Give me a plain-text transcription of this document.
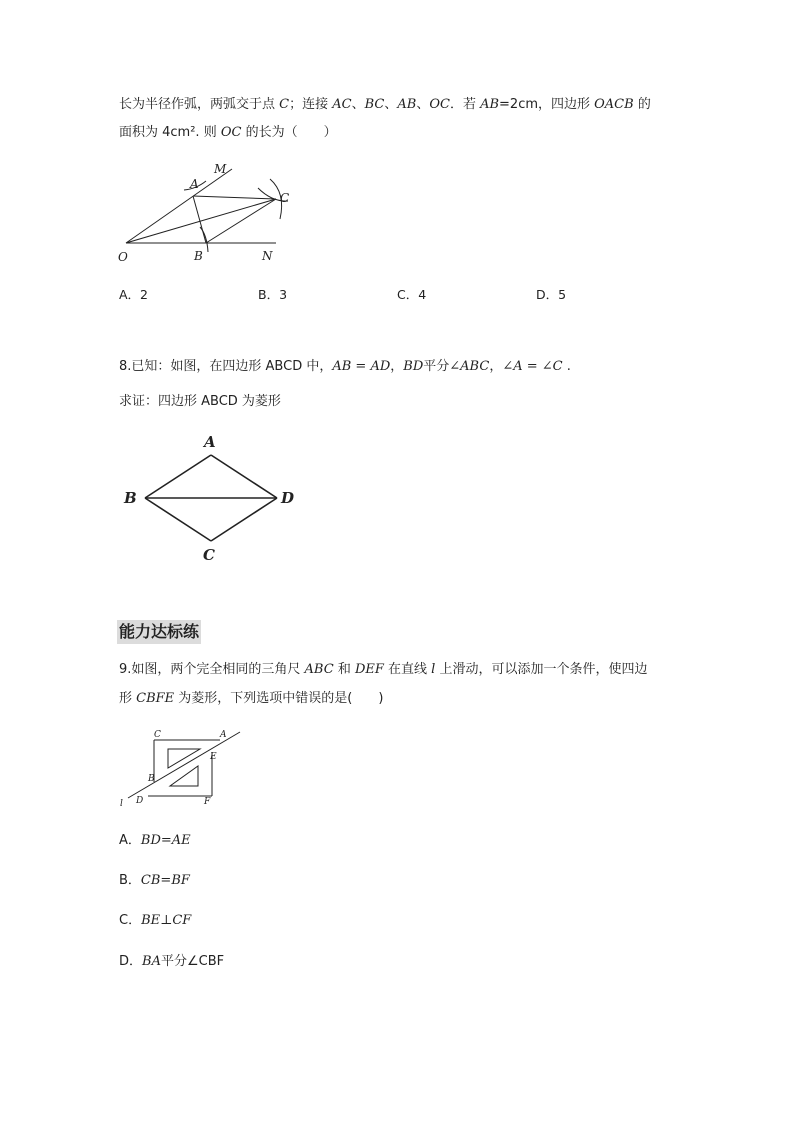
长为半径作弧，两弧交于点 C；连接 AC、BC、AB、OC．若 AB=2cm，四边形 OACB 的
面积为 4cm². 则 OC 的长为（　　）
M
A
C
O	B	N
A．2	B．3	C．4	D．5
8.已知：如图，在四边形 ABCD 中，AB = AD，BD平分∠ABC，∠A = ∠C .
求证：四边形 ABCD 为菱形
A
B	D
C
能力达标练
9.如图，两个完全相同的三角尺 ABC 和 DEF 在直线 l 上滑动，可以添加一个条件，使四边
形 CBFE 为菱形，下列选项中错误的是(　　)
C	A
E
B
l D	F
A．BD=AE
B．CB=BF
C．BE⊥CF
D．BA平分∠CBF
